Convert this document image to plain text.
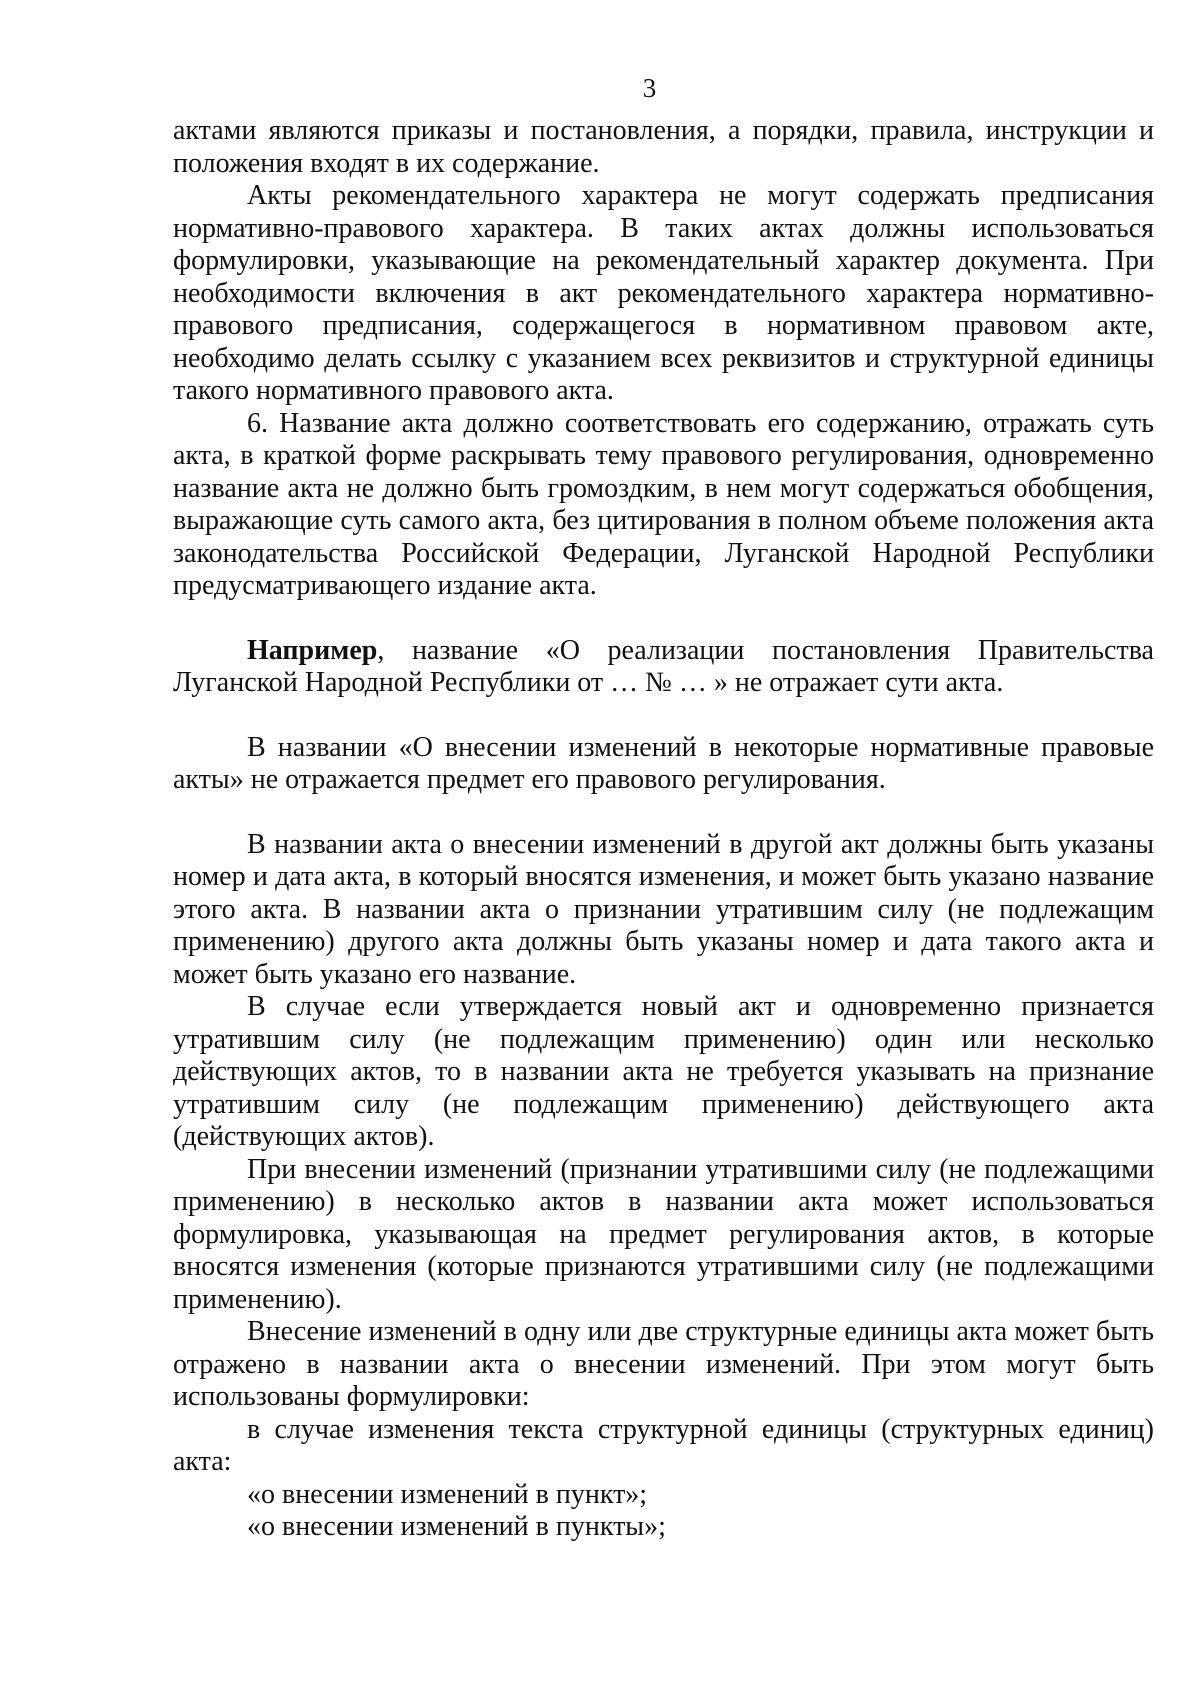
3

актами являются приказы и постановления, а порядки, правила, инструкции и положения входят в их содержание.

Акты рекомендательного характера не могут содержать предписания нормативно-правового характера. В таких актах должны использоваться формулировки, указывающие на рекомендательный характер документа. При необходимости включения в акт рекомендательного характера нормативно-правового предписания, содержащегося в нормативном правовом акте, необходимо делать ссылку с указанием всех реквизитов и структурной единицы такого нормативного правового акта.

6. Название акта должно соответствовать его содержанию, отражать суть акта, в краткой форме раскрывать тему правового регулирования, одновременно название акта не должно быть громоздким, в нем могут содержаться обобщения, выражающие суть самого акта, без цитирования в полном объеме положения акта законодательства Российской Федерации, Луганской Народной Республики предусматривающего издание акта.

Например, название «О реализации постановления Правительства Луганской Народной Республики от … № … » не отражает сути акта.

В названии «О внесении изменений в некоторые нормативные правовые акты» не отражается предмет его правового регулирования.

В названии акта о внесении изменений в другой акт должны быть указаны номер и дата акта, в который вносятся изменения, и может быть указано название этого акта. В названии акта о признании утратившим силу (не подлежащим применению) другого акта должны быть указаны номер и дата такого акта и может быть указано его название.

В случае если утверждается новый акт и одновременно признается утратившим силу (не подлежащим применению) один или несколько действующих актов, то в названии акта не требуется указывать на признание утратившим силу (не подлежащим применению) действующего акта (действующих актов).

При внесении изменений (признании утратившими силу (не подлежащими применению) в несколько актов в названии акта может использоваться формулировка, указывающая на предмет регулирования актов, в которые вносятся изменения (которые признаются утратившими силу (не подлежащими применению).

Внесение изменений в одну или две структурные единицы акта может быть отражено в названии акта о внесении изменений. При этом могут быть использованы формулировки:

в случае изменения текста структурной единицы (структурных единиц) акта:

«о внесении изменений в пункт»;

«о внесении изменений в пункты»;
